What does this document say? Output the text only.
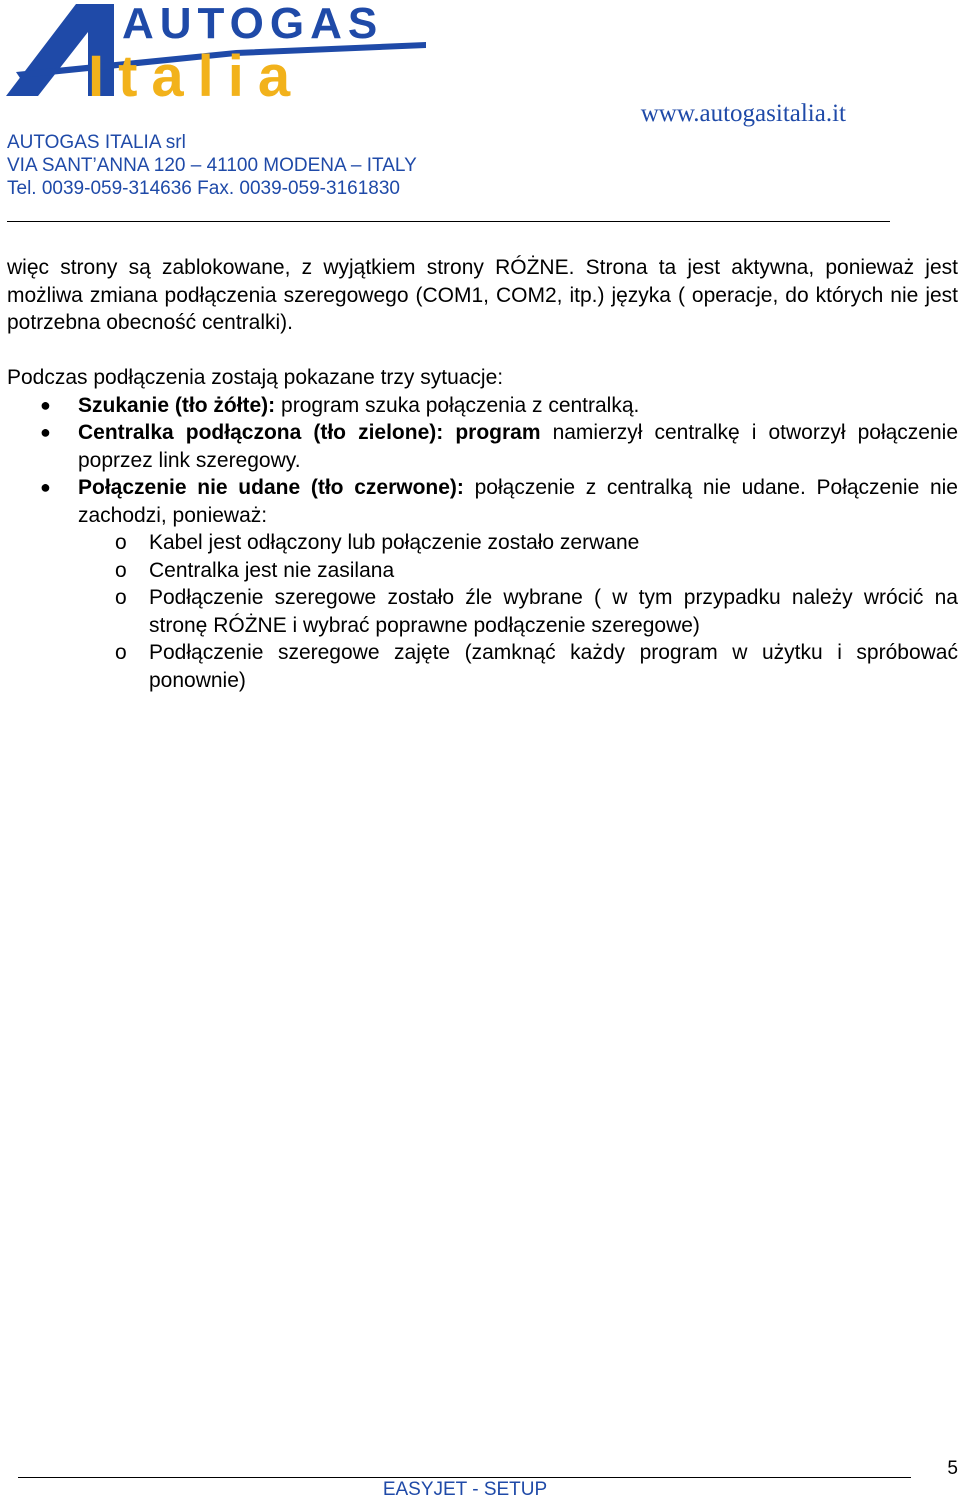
AUTOGAS
Italia
www.autogasitalia.it
AUTOGAS ITALIA srl
VIA SANT’ANNA 120 – 41100 MODENA – ITALY
Tel. 0039-059-314636 Fax. 0039-059-3161830

więc strony są zablokowane, z wyjątkiem strony RÓŻNE. Strona ta jest aktywna, ponieważ jest możliwa zmiana podłączenia szeregowego (COM1, COM2, itp.) języka ( operacje, do których nie jest potrzebna obecność centralki).

Podczas podłączenia zostają pokazane trzy sytuacje:

● Szukanie (tło żółte): program szuka połączenia z centralką.
● Centralka podłączona (tło zielone): program namierzył centralkę i otworzył połączenie poprzez link szeregowy.
● Połączenie nie udane (tło czerwone): połączenie z centralką nie udane. Połączenie nie zachodzi, ponieważ:
o	Kabel jest odłączony lub połączenie zostało zerwane
o	Centralka jest nie zasilana
o	Podłączenie szeregowe zostało źle wybrane ( w tym przypadku należy wrócić na stronę RÓŻNE i wybrać poprawne podłączenie szeregowe)
o	Podłączenie szeregowe zajęte (zamknąć każdy program w użytku i spróbować ponownie)
5
EASYJET - SETUP
